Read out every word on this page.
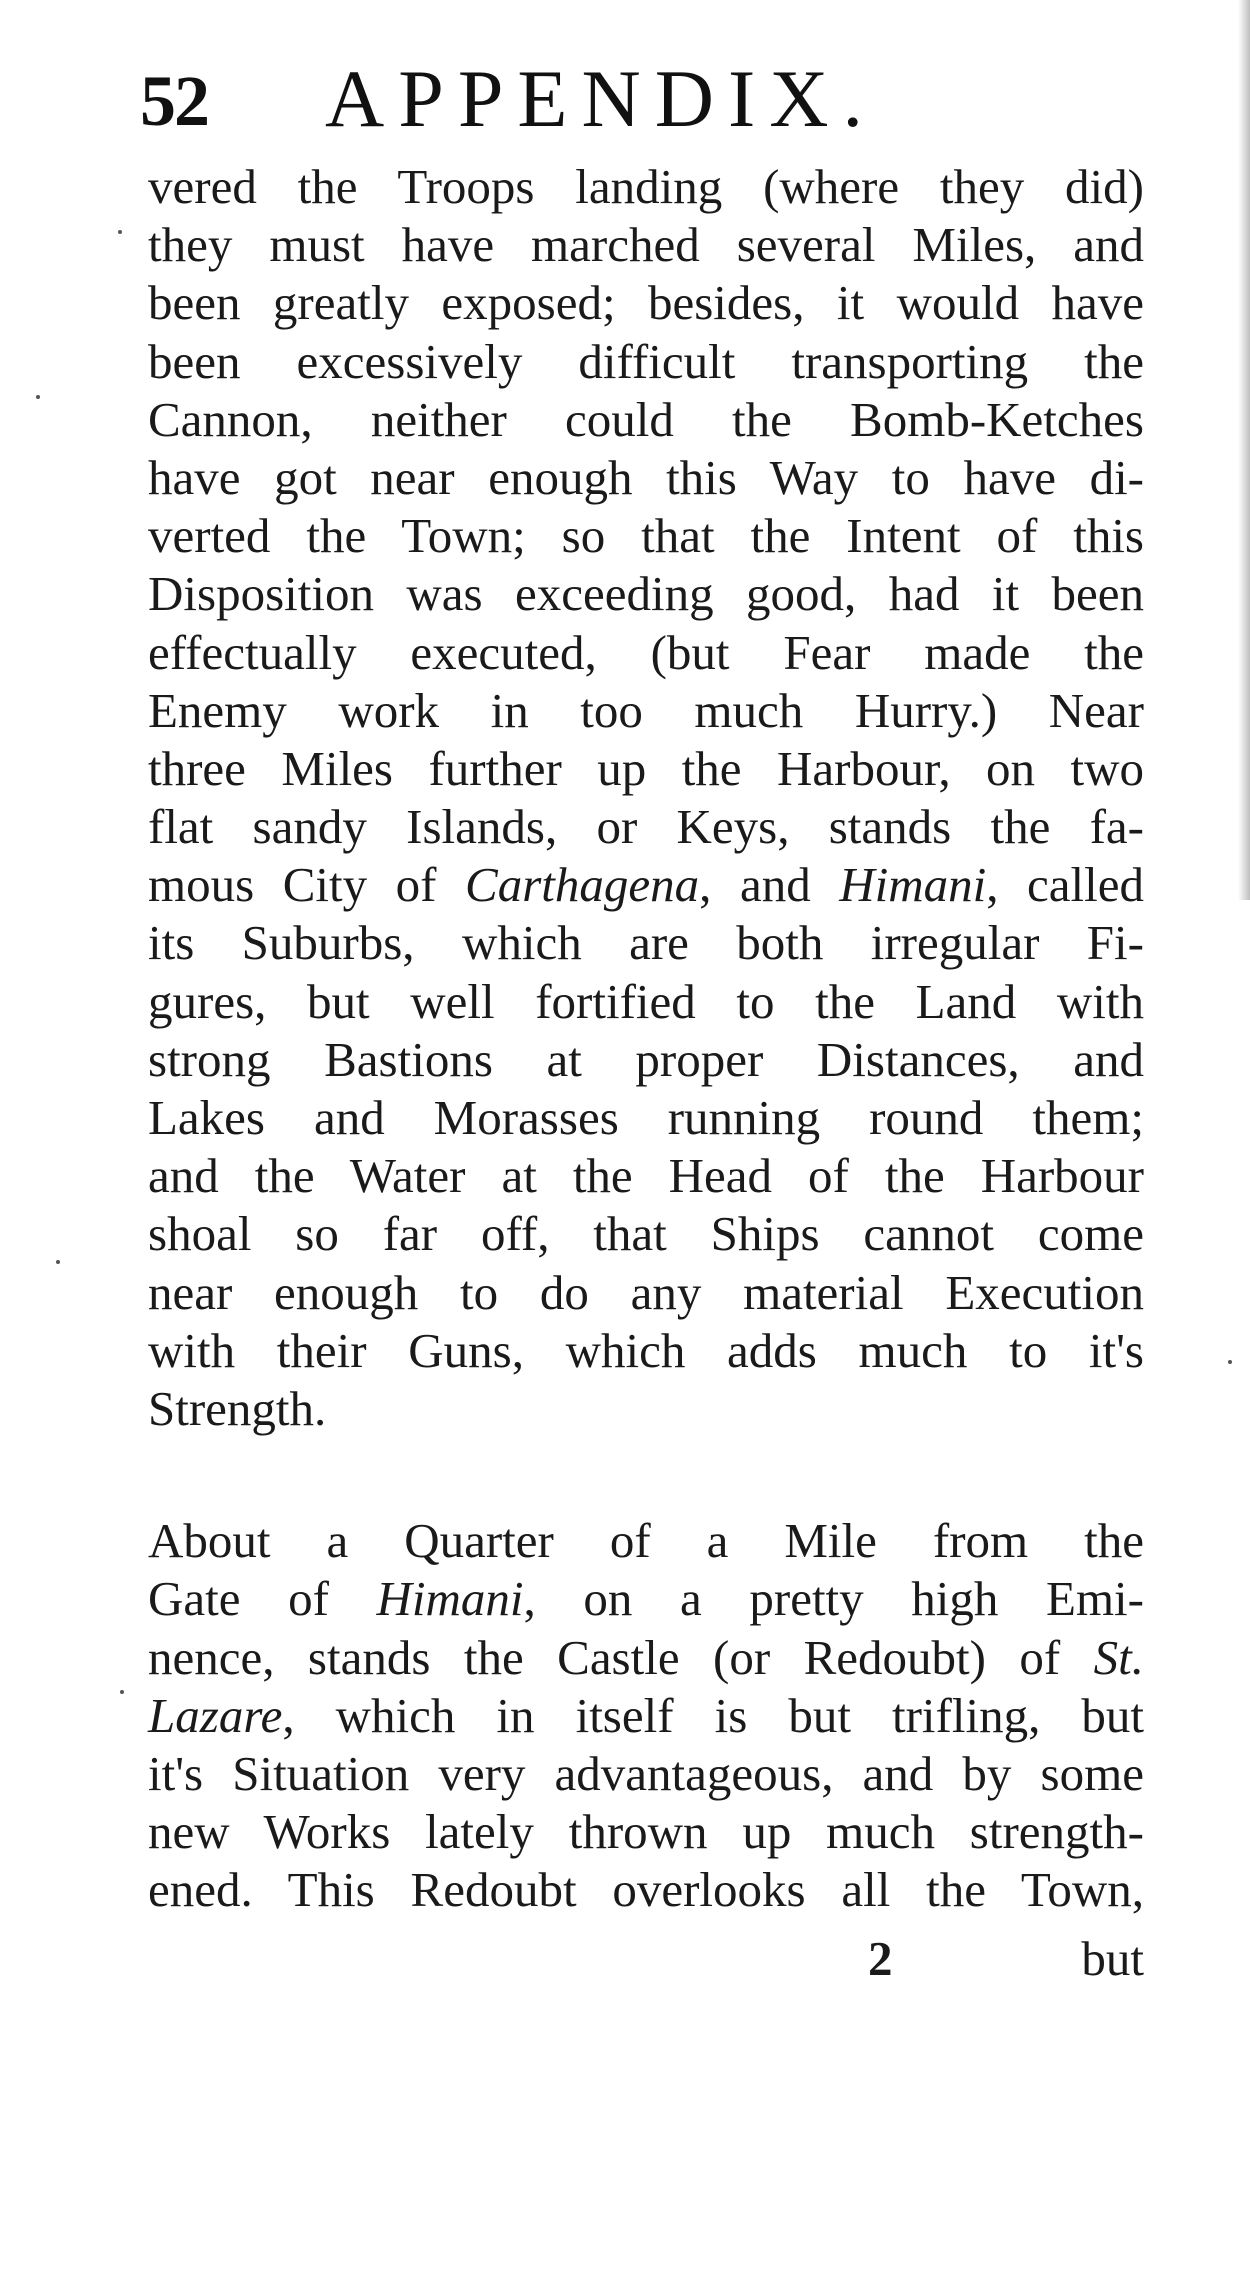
52 APPENDIX.
vered the Troops landing (where they did)
they must have marched several Miles, and
been greatly exposed; besides, it would have
been excessively difficult transporting the
Cannon, neither could the Bomb-Ketches
have got near enough this Way to have di-
verted the Town; so that the Intent of this
Disposition was exceeding good, had it been
effectually executed, (but Fear made the
Enemy work in too much Hurry.) Near
three Miles further up the Harbour, on two
flat sandy Islands, or Keys, stands the fa-
mous City of Carthagena, and Himani, called
its Suburbs, which are both irregular Fi-
gures, but well fortified to the Land with
strong Bastions at proper Distances, and
Lakes and Morasses running round them;
and the Water at the Head of the Harbour
shoal so far off, that Ships cannot come
near enough to do any material Execution
with their Guns, which adds much to it's
Strength.
About a Quarter of a Mile from the
Gate of Himani, on a pretty high Emi-
nence, stands the Castle (or Redoubt) of St.
Lazare, which in itself is but trifling, but
it's Situation very advantageous, and by some
new Works lately thrown up much strength-
ened. This Redoubt overlooks all the Town,
2	but
